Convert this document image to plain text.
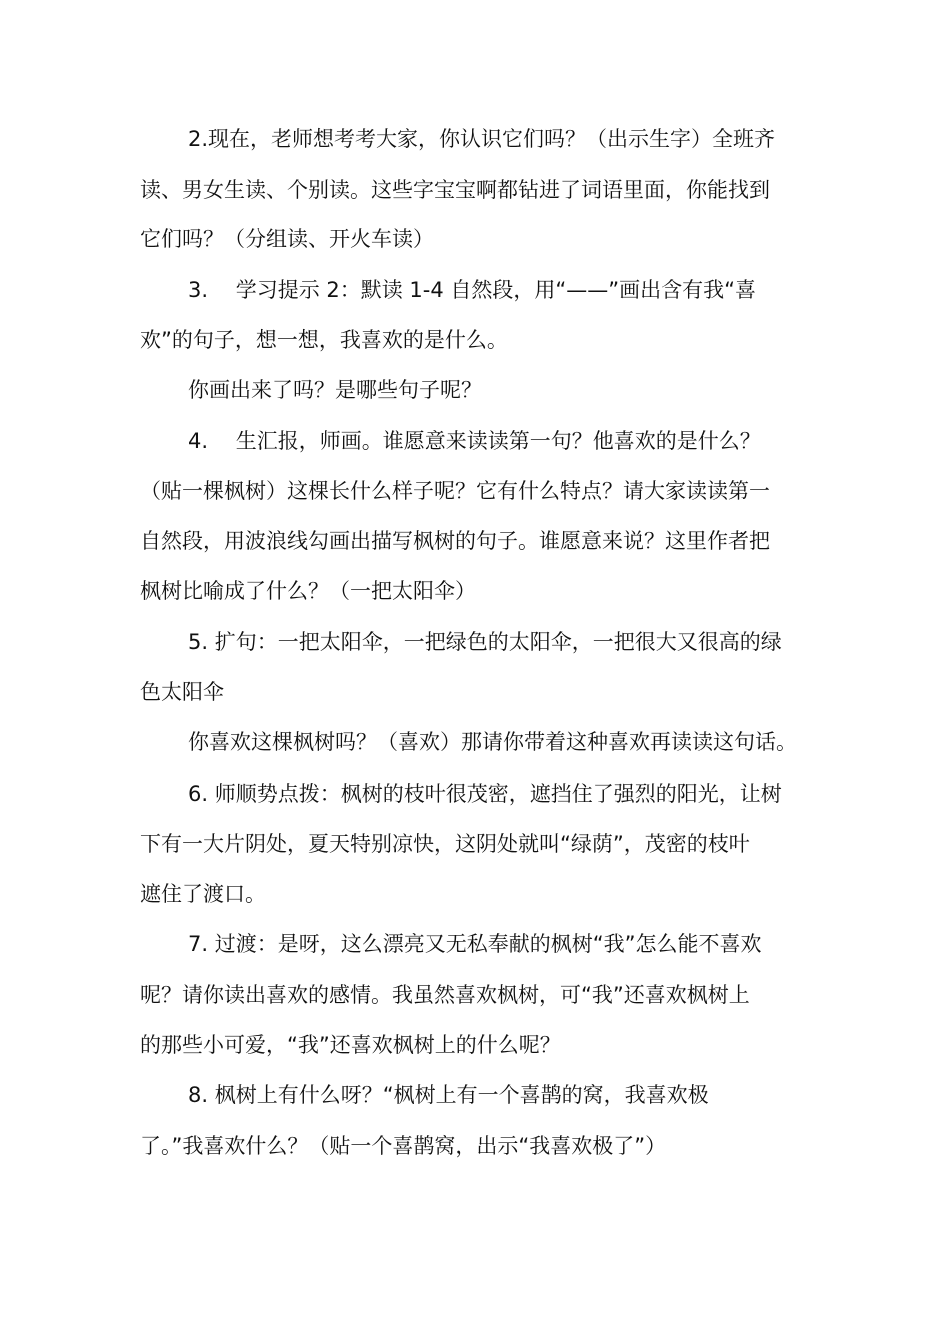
2.现在，老师想考考大家，你认识它们吗？（出示生字）全班齐
读、男女生读、个别读。这些字宝宝啊都钻进了词语里面，你能找到
它们吗？（分组读、开火车读）
3.　 学习提示 2：默读 1-4 自然段，用“——”画出含有我“喜
欢”的句子，想一想，我喜欢的是什么。
你画出来了吗？是哪些句子呢？
4.　 生汇报，师画。谁愿意来读读第一句？他喜欢的是什么？
（贴一棵枫树）这棵长什么样子呢？它有什么特点？请大家读读第一
自然段，用波浪线勾画出描写枫树的句子。谁愿意来说？这里作者把
枫树比喻成了什么？（一把太阳伞）
5. 扩句：一把太阳伞，一把绿色的太阳伞，一把很大又很高的绿
色太阳伞
你喜欢这棵枫树吗？（喜欢）那请你带着这种喜欢再读读这句话。
6. 师顺势点拨：枫树的枝叶很茂密，遮挡住了强烈的阳光，让树
下有一大片阴处，夏天特别凉快，这阴处就叫“绿荫”，茂密的枝叶
遮住了渡口。
7. 过渡：是呀，这么漂亮又无私奉献的枫树“我”怎么能不喜欢
呢？请你读出喜欢的感情。我虽然喜欢枫树，可“我”还喜欢枫树上
的那些小可爱，“我”还喜欢枫树上的什么呢？
8. 枫树上有什么呀？“枫树上有一个喜鹊的窝，我喜欢极
了。”我喜欢什么？（贴一个喜鹊窝，出示“我喜欢极了”）
